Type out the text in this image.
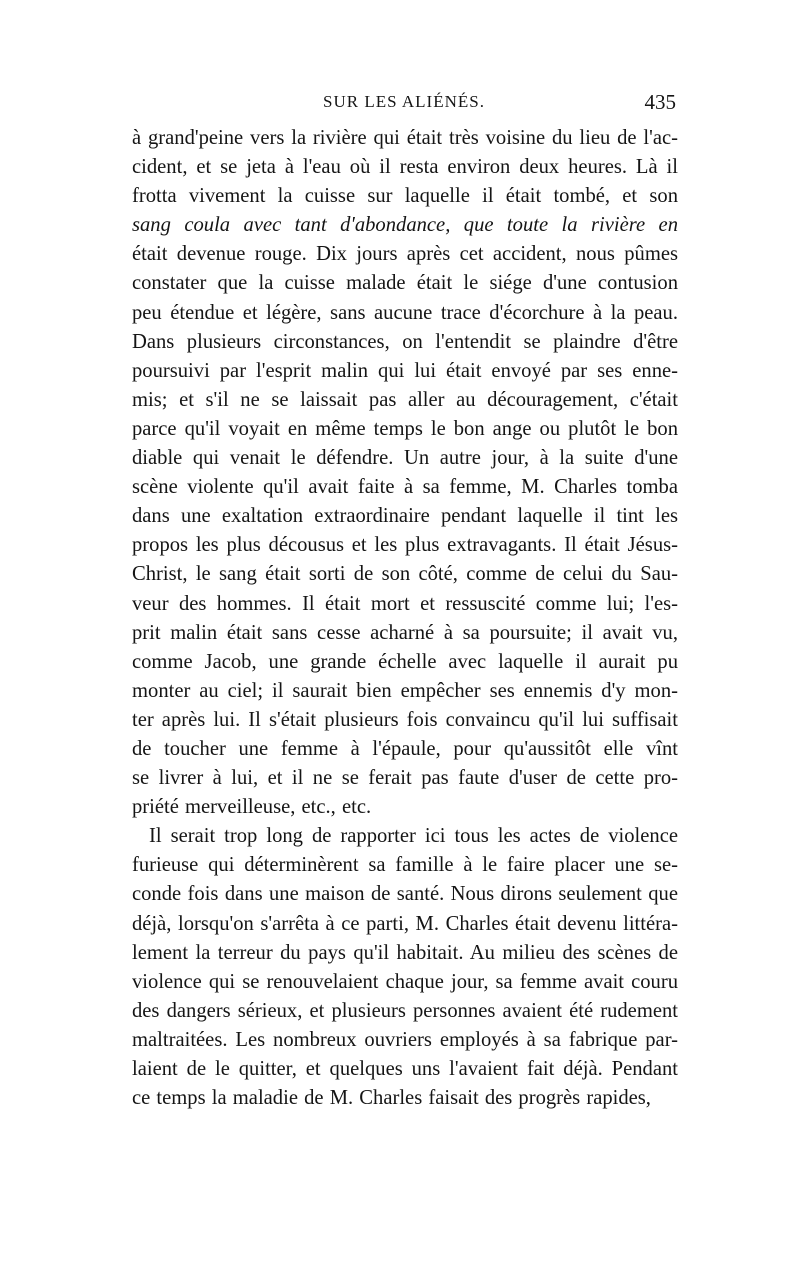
SUR LES ALIÉNÉS.	435
à grand'peine vers la rivière qui était très voisine du lieu de l'ac-
cident, et se jeta à l'eau où il resta environ deux heures. Là il
frotta vivement la cuisse sur laquelle il était tombé, et son
sang coula avec tant d'abondance, que toute la rivière en
était devenue rouge. Dix jours après cet accident, nous pûmes
constater que la cuisse malade était le siége d'une contusion
peu étendue et légère, sans aucune trace d'écorchure à la peau.
Dans plusieurs circonstances, on l'entendit se plaindre d'être
poursuivi par l'esprit malin qui lui était envoyé par ses enne-
mis; et s'il ne se laissait pas aller au découragement, c'était
parce qu'il voyait en même temps le bon ange ou plutôt le bon
diable qui venait le défendre. Un autre jour, à la suite d'une
scène violente qu'il avait faite à sa femme, M. Charles tomba
dans une exaltation extraordinaire pendant laquelle il tint les
propos les plus décousus et les plus extravagants. Il était Jésus-
Christ, le sang était sorti de son côté, comme de celui du Sau-
veur des hommes. Il était mort et ressuscité comme lui; l'es-
prit malin était sans cesse acharné à sa poursuite; il avait vu,
comme Jacob, une grande échelle avec laquelle il aurait pu
monter au ciel; il saurait bien empêcher ses ennemis d'y mon-
ter après lui. Il s'était plusieurs fois convaincu qu'il lui suffisait
de toucher une femme à l'épaule, pour qu'aussitôt elle vînt
se livrer à lui, et il ne se ferait pas faute d'user de cette pro-
priété merveilleuse, etc., etc.
Il serait trop long de rapporter ici tous les actes de violence
furieuse qui déterminèrent sa famille à le faire placer une se-
conde fois dans une maison de santé. Nous dirons seulement que
déjà, lorsqu'on s'arrêta à ce parti, M. Charles était devenu littéra-
lement la terreur du pays qu'il habitait. Au milieu des scènes de
violence qui se renouvelaient chaque jour, sa femme avait couru
des dangers sérieux, et plusieurs personnes avaient été rudement
maltraitées. Les nombreux ouvriers employés à sa fabrique par-
laient de le quitter, et quelques uns l'avaient fait déjà. Pendant
ce temps la maladie de M. Charles faisait des progrès rapides,
